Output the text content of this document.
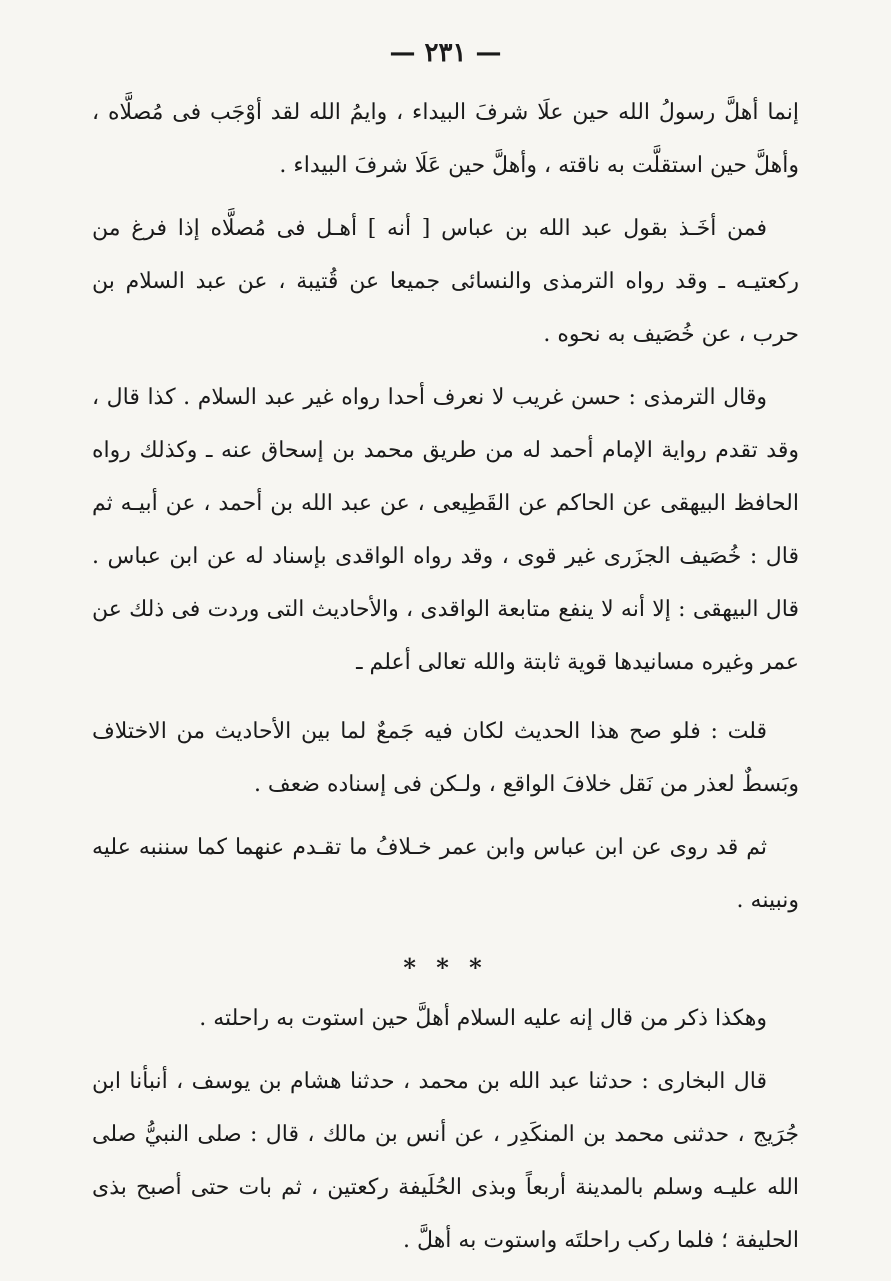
— ٢٣١ —

إنما أهلَّ رسولُ الله حين علَا شرفَ البيداء ، وايمُ الله لقد أوْجَب فى مُصلَّاه ، وأهلَّ حين استقلَّت به ناقته ، وأهلَّ حين عَلَا شرفَ البيداء .

فمن أخَـذ بقول عبد الله بن عباس [ أنه ] أهـل فى مُصلَّاه إذا فرغ من ركعتيـه ـ وقد رواه الترمذى والنسائى جميعا عن قُتيبة ، عن عبد السلام بن حرب ، عن خُصَيف به نحوه .

وقال الترمذى : حسن غريب لا نعرف أحدا رواه غير عبد السلام . كذا قال ، وقد تقدم رواية الإمام أحمد له من طريق محمد بن إسحاق عنه ـ وكذلك رواه الحافظ البيهقى عن الحاكم عن القَطِيعى ، عن عبد الله بن أحمد ، عن أبيـه ثم قال : خُصَيف الجزَرى غير قوى ، وقد رواه الواقدى بإسناد له عن ابن عباس . قال البيهقى : إلا أنه لا ينفع متابعة الواقدى ، والأحاديث التى وردت فى ذلك عن عمر وغيره مسانيدها قوية ثابتة والله تعالى أعلم ـ

قلت : فلو صح هذا الحديث لكان فيه جَمعٌ لما بين الأحاديث من الاختلاف وبَسطٌ لعذر من نَقل خلافَ الواقع ، ولـكن فى إسناده ضعف .

ثم قد روى عن ابن عباس وابن عمر خـلافُ ما تقـدم عنهما كما سننبه عليه ونبينه .

* * *

وهكذا ذكر من قال إنه عليه السلام أهلَّ حين استوت به راحلته .

قال البخارى : حدثنا عبد الله بن محمد ، حدثنا هشام بن يوسف ، أنبأنا ابن جُرَيج ، حدثنى محمد بن المنكَدِر ، عن أنس بن مالك ، قال : صلى النبيُّ صلى الله عليـه وسلم بالمدينة أربعاً وبذى الحُلَيفة ركعتين ، ثم بات حتى أصبح بذى الحليفة ؛ فلما ركب راحلتَه واستوت به أهلَّ .
